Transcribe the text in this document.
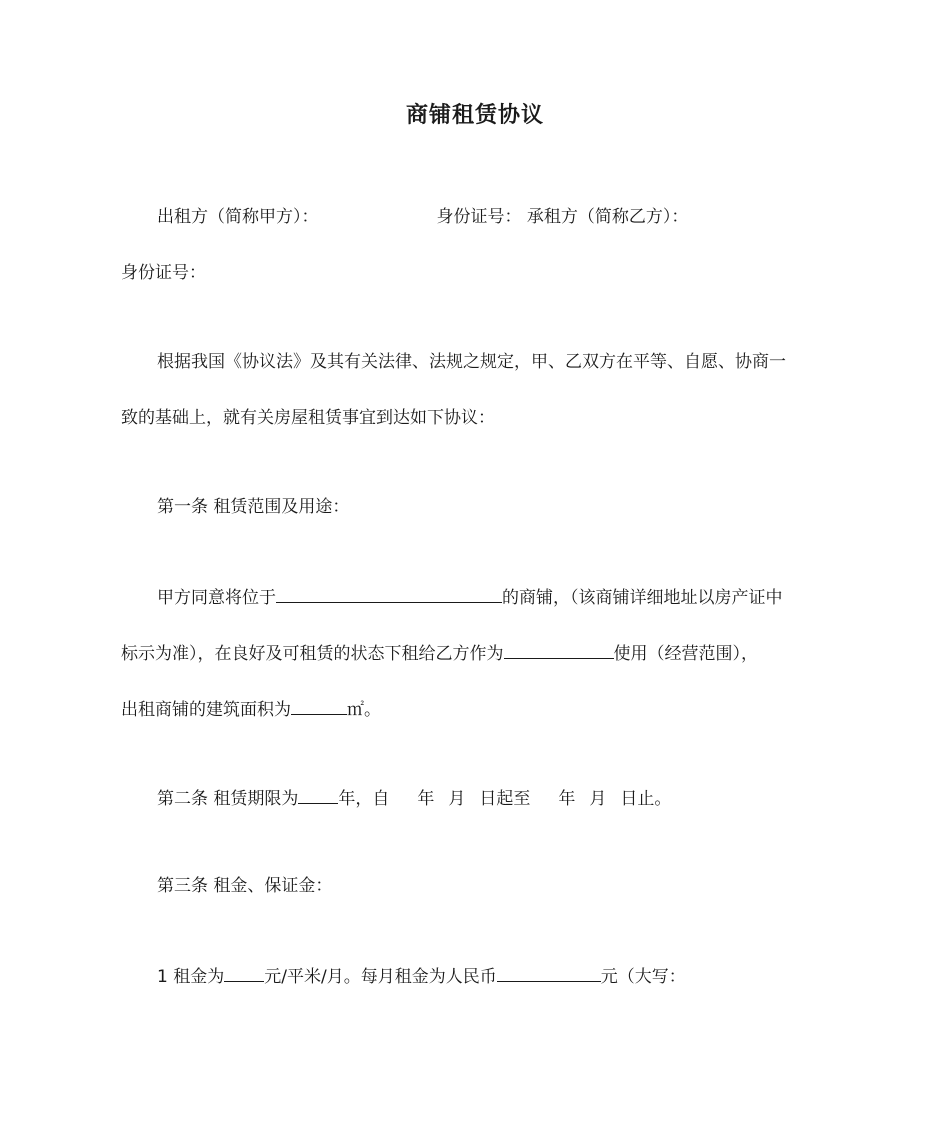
商铺租赁协议
出租方（简称甲方）：	身份证号： 承租方（简称乙方）：
身份证号：
根据我国《协议法》及其有关法律、法规之规定，甲、乙双方在平等、自愿、协商一
致的基础上，就有关房屋租赁事宜到达如下协议：
第一条 租赁范围及用途：
甲方同意将位于	的商铺，（该商铺详细地址以房产证中
标示为准），在良好及可租赁的状态下租给乙方作为	使用（经营范围），
出租商铺的建筑面积为	㎡。
第二条 租赁期限为 年，自 年 月 日起至 年 月 日止。
第三条 租金、保证金：
1 租金为 元/平米/月。每月租金为人民币	元（大写：
